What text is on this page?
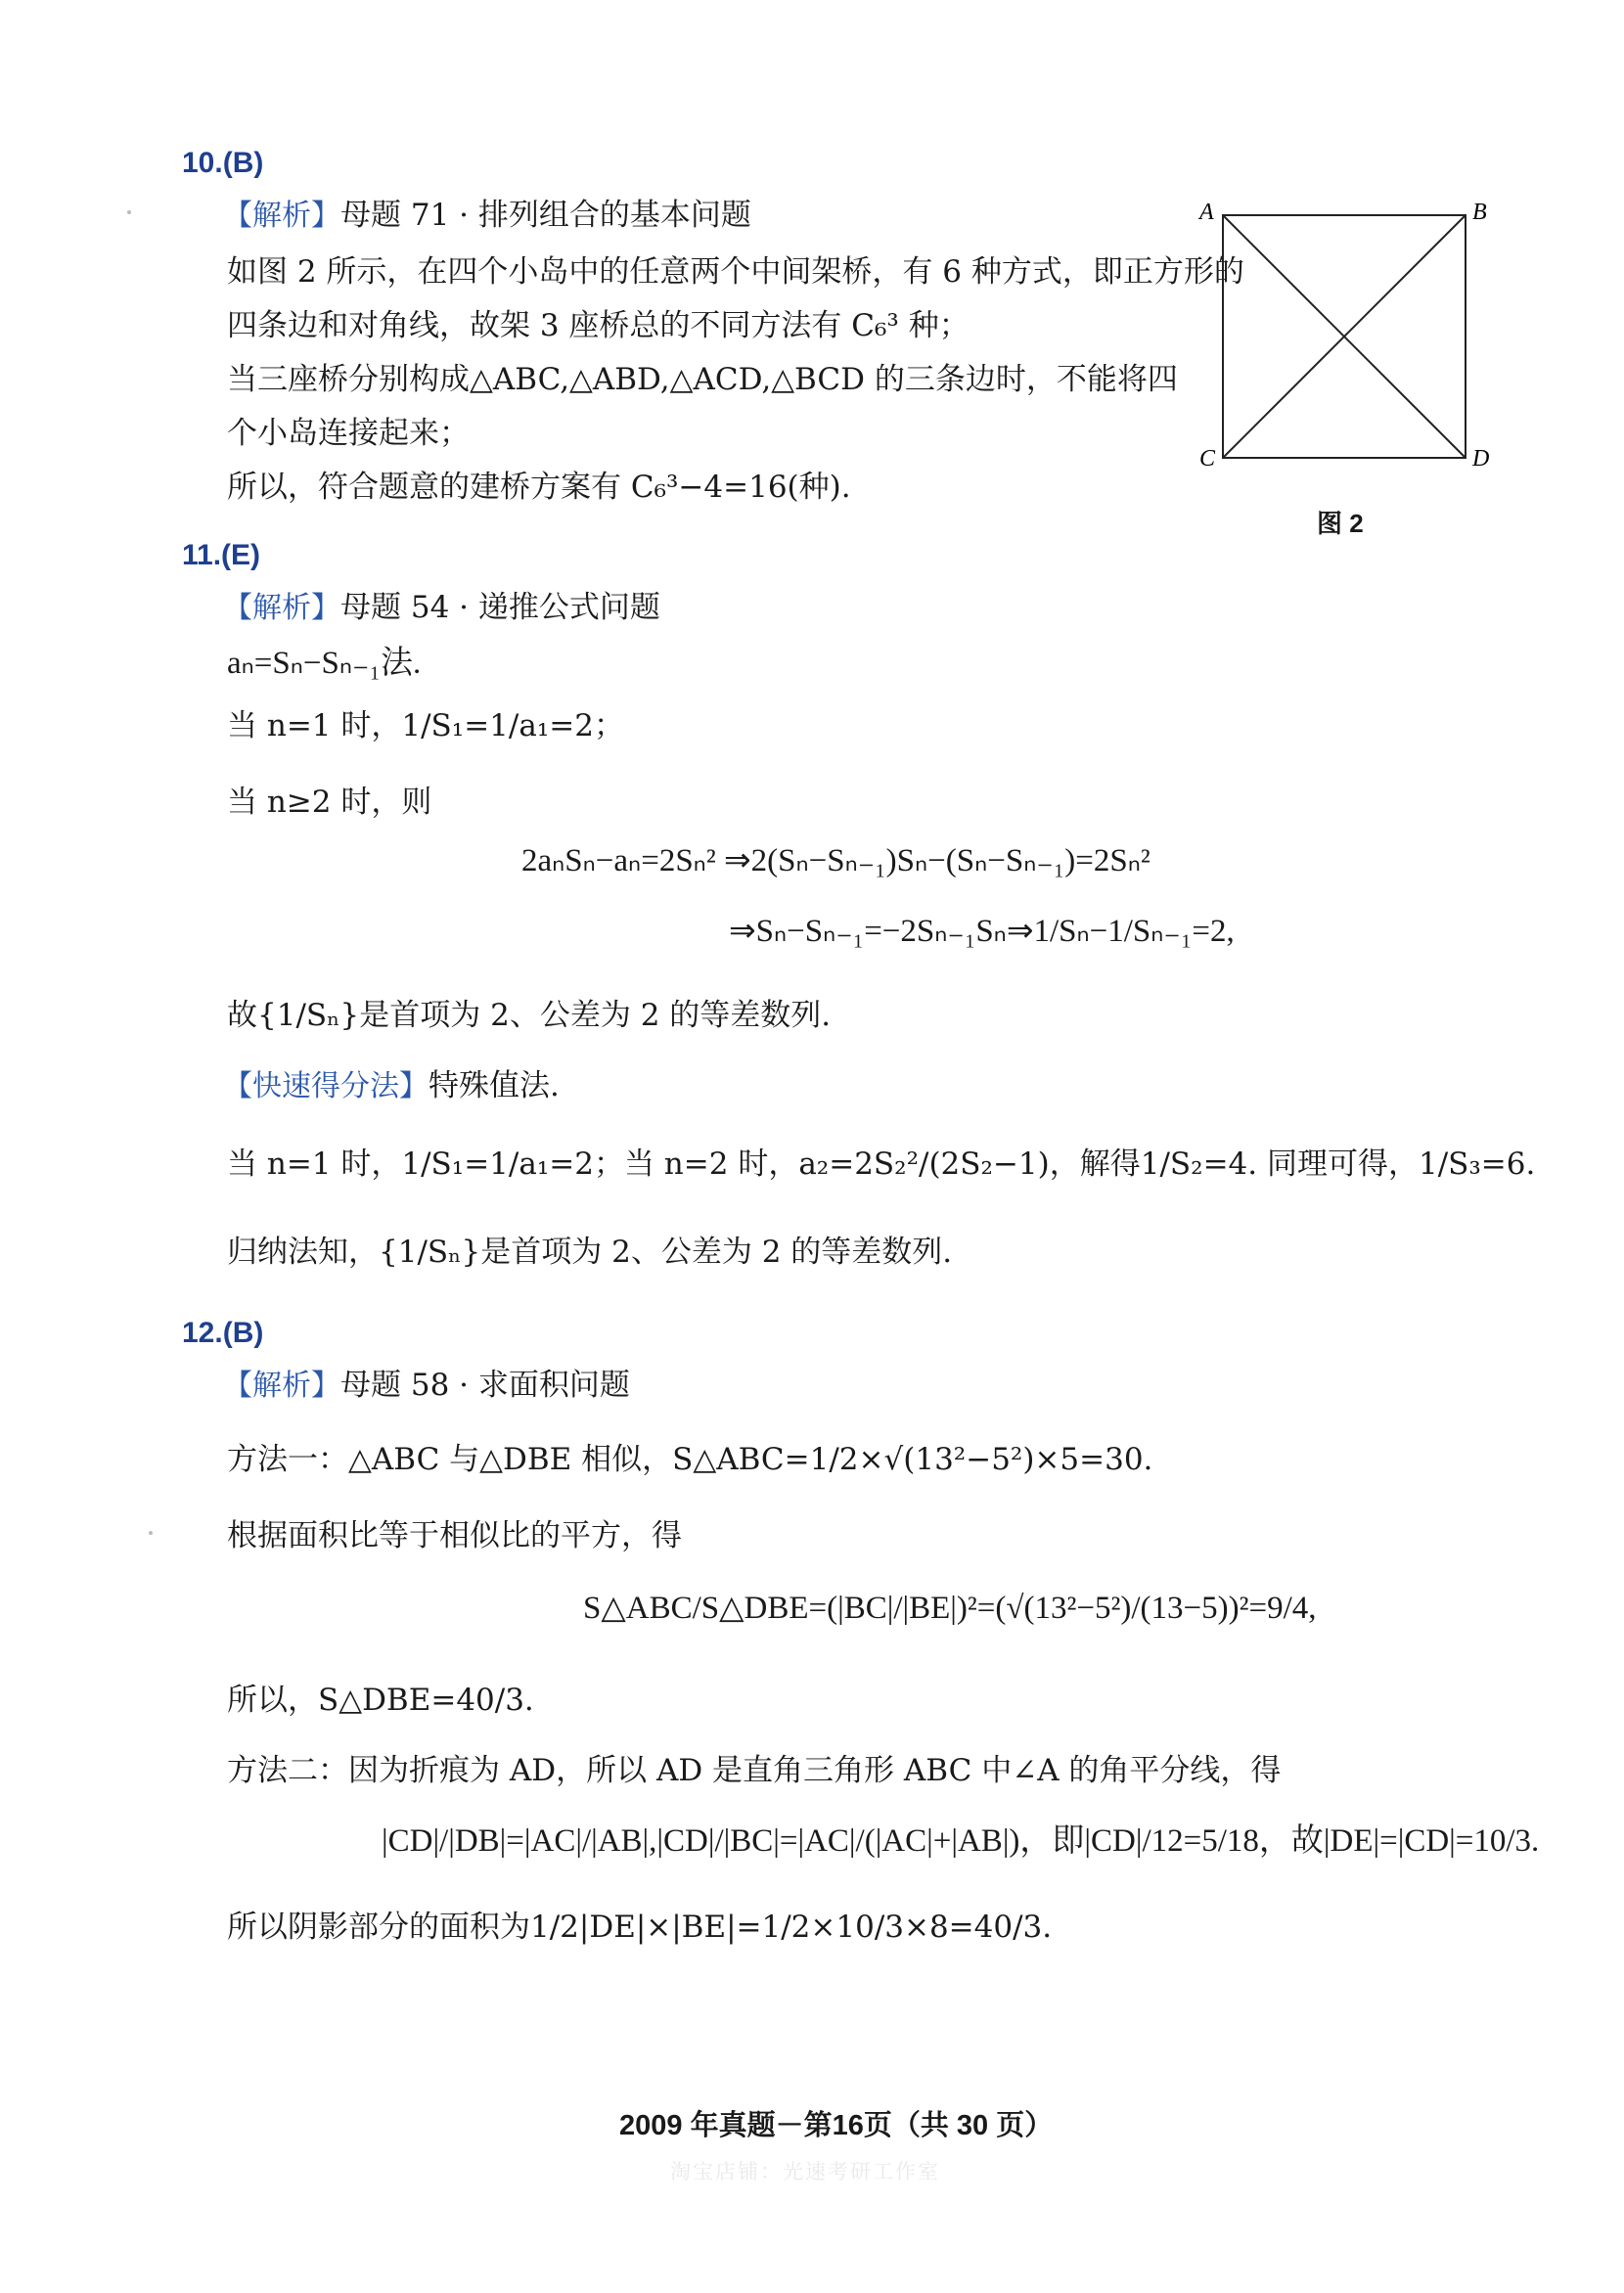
10.(B)
【解析】母题 71 · 排列组合的基本问题
如图 2 所示，在四个小岛中的任意两个中间架桥，有 6 种方式，即正方形的
四条边和对角线，故架 3 座桥总的不同方法有 C₆³ 种；
当三座桥分别构成△ABC,△ABD,△ACD,△BCD 的三条边时，不能将四
个小岛连接起来；
所以，符合题意的建桥方案有 C₆³−4=16(种).
A	B
C	D
图 2
11.(E)
【解析】母题 54 · 递推公式问题
aₙ=Sₙ−Sₙ₋₁法.
当 n=1 时，1/S₁=1/a₁=2；
当 n≥2 时，则
2aₙSₙ−aₙ=2Sₙ² ⇒2(Sₙ−Sₙ₋₁)Sₙ−(Sₙ−Sₙ₋₁)=2Sₙ²
⇒Sₙ−Sₙ₋₁=−2Sₙ₋₁Sₙ⇒1/Sₙ−1/Sₙ₋₁=2,
故{1/Sₙ}是首项为 2、公差为 2 的等差数列.
【快速得分法】特殊值法.
当 n=1 时，1/S₁=1/a₁=2；当 n=2 时，a₂=2S₂²/(2S₂−1)，解得1/S₂=4. 同理可得，1/S₃=6.
归纳法知，{1/Sₙ}是首项为 2、公差为 2 的等差数列.
12.(B)
【解析】母题 58 · 求面积问题
方法一：△ABC 与△DBE 相似，S△ABC=1/2×√(13²−5²)×5=30.
根据面积比等于相似比的平方，得
S△ABC/S△DBE=(|BC|/|BE|)²=(√(13²−5²)/(13−5))²=9/4,
所以，S△DBE=40/3.
方法二：因为折痕为 AD，所以 AD 是直角三角形 ABC 中∠A 的角平分线，得
|CD|/|DB|=|AC|/|AB|,|CD|/|BC|=|AC|/(|AC|+|AB|)，即|CD|/12=5/18，故|DE|=|CD|=10/3.
所以阴影部分的面积为1/2|DE|×|BE|=1/2×10/3×8=40/3.
2009 年真题－第16页（共 30 页）
淘宝店铺：光速考研工作室
